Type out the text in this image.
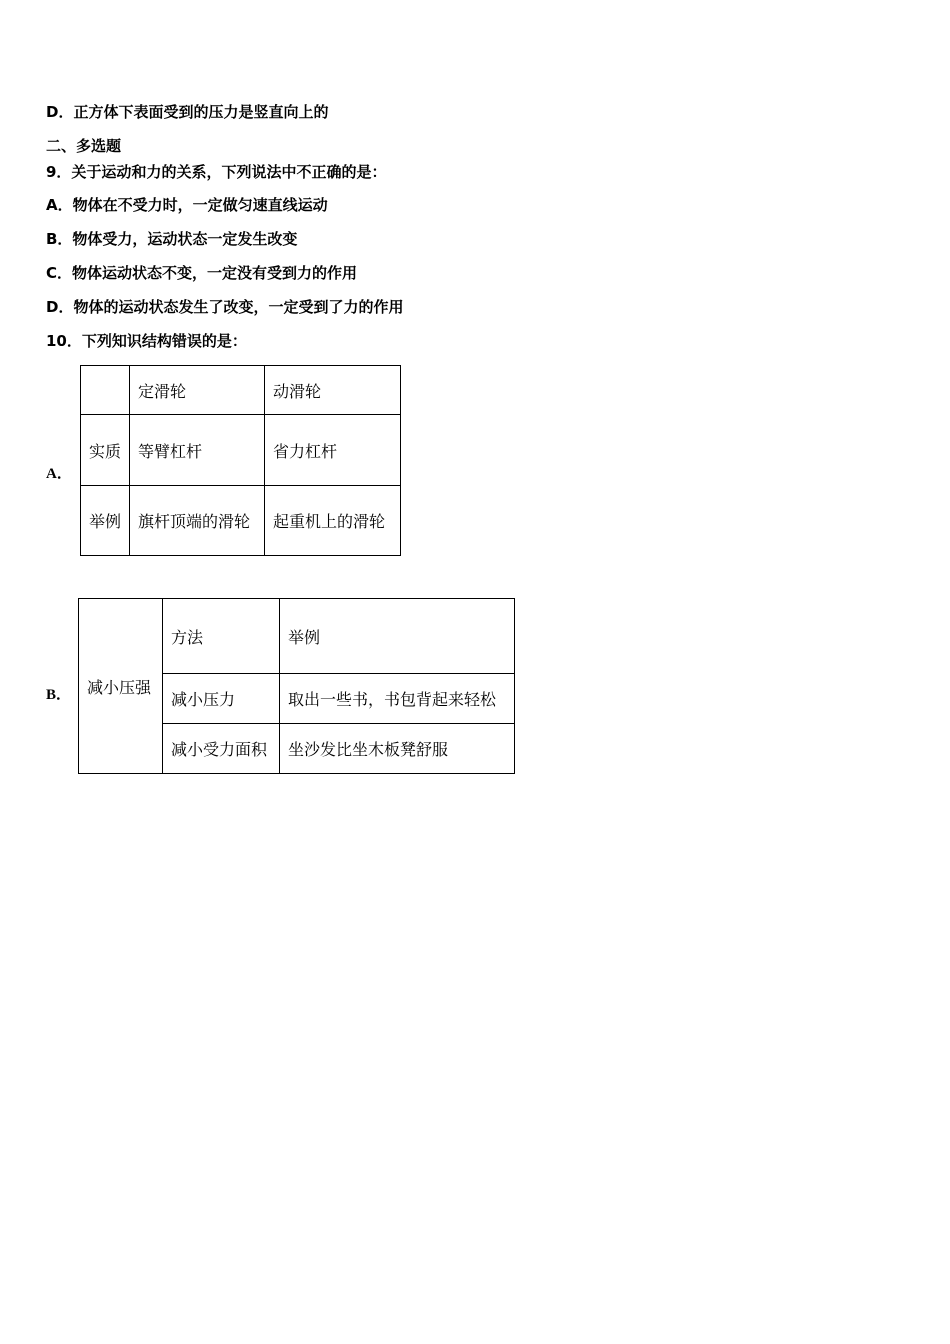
D．正方体下表面受到的压力是竖直向上的
二、多选题
9．关于运动和力的关系，下列说法中不正确的是：
A．物体在不受力时，一定做匀速直线运动
B．物体受力，运动状态一定发生改变
C．物体运动状态不变，一定没有受到力的作用
D．物体的运动状态发生了改变，一定受到了力的作用
10．下列知识结构错误的是：
A．
	定滑轮	动滑轮
实质	等臂杠杆	省力杠杆
举例	旗杆顶端的滑轮	起重机上的滑轮
B． 减小压强	方法	举例
	减小压力	取出一些书，书包背起来轻松
	减小受力面积	坐沙发比坐木板凳舒服
